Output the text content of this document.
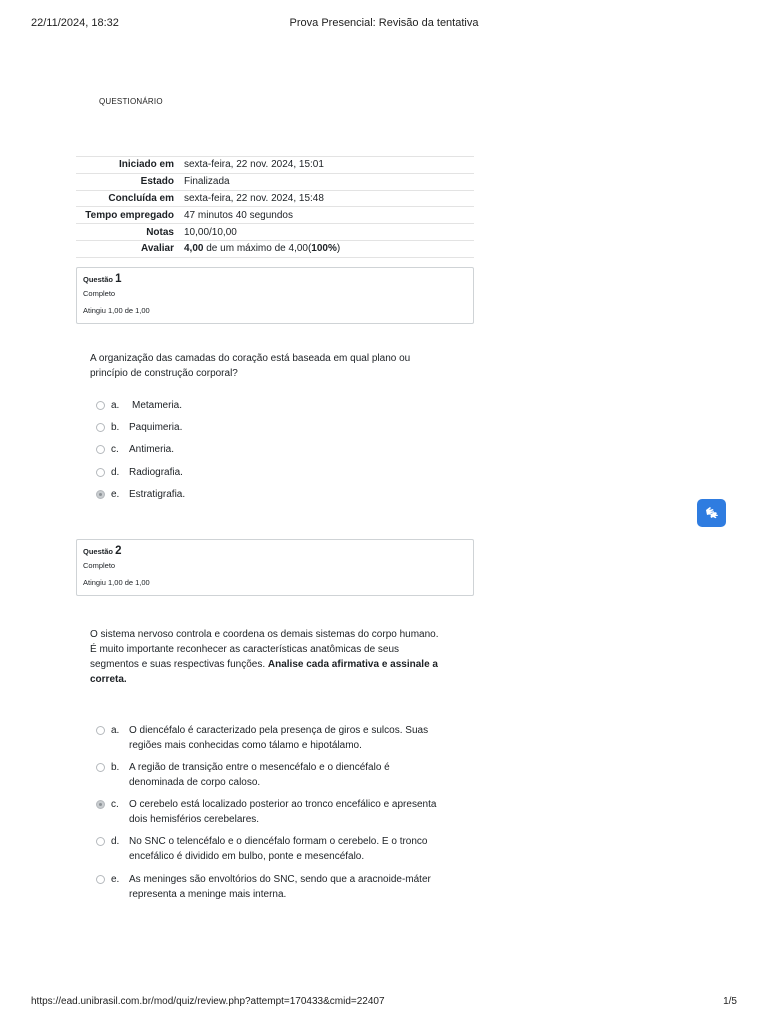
22/11/2024, 18:32	Prova Presencial: Revisão da tentativa
QUESTIONÁRIO
Iniciado em	sexta-feira, 22 nov. 2024, 15:01
Estado	Finalizada
Concluída em	sexta-feira, 22 nov. 2024, 15:48
Tempo empregado	47 minutos 40 segundos
Notas	10,00/10,00
Avaliar	4,00 de um máximo de 4,00(100%)
Questão 1
Completo
Atingiu 1,00 de 1,00
A organização das camadas do coração está baseada em qual plano ou
princípio de construção corporal?
a. Metameria.
b. Paquimeria.
c. Antimeria.
d. Radiografia.
e. Estratigrafia.
Questão 2
Completo
Atingiu 1,00 de 1,00
O sistema nervoso controla e coordena os demais sistemas do corpo humano.
É muito importante reconhecer as características anatômicas de seus
segmentos e suas respectivas funções. Analise cada afirmativa e assinale a
correta.
a. O diencéfalo é caracterizado pela presença de giros e sulcos. Suas
regiões mais conhecidas como tálamo e hipotálamo.
b. A região de transição entre o mesencéfalo e o diencéfalo é
denominada de corpo caloso.
c. O cerebelo está localizado posterior ao tronco encefálico e apresenta
dois hemisférios cerebelares.
d. No SNC o telencéfalo e o diencéfalo formam o cerebelo. E o tronco
encefálico é dividido em bulbo, ponte e mesencéfalo.
e. As meninges são envoltórios do SNC, sendo que a aracnoide-máter
representa a meninge mais interna.
https://ead.unibrasil.com.br/mod/quiz/review.php?attempt=170433&cmid=22407	1/5
